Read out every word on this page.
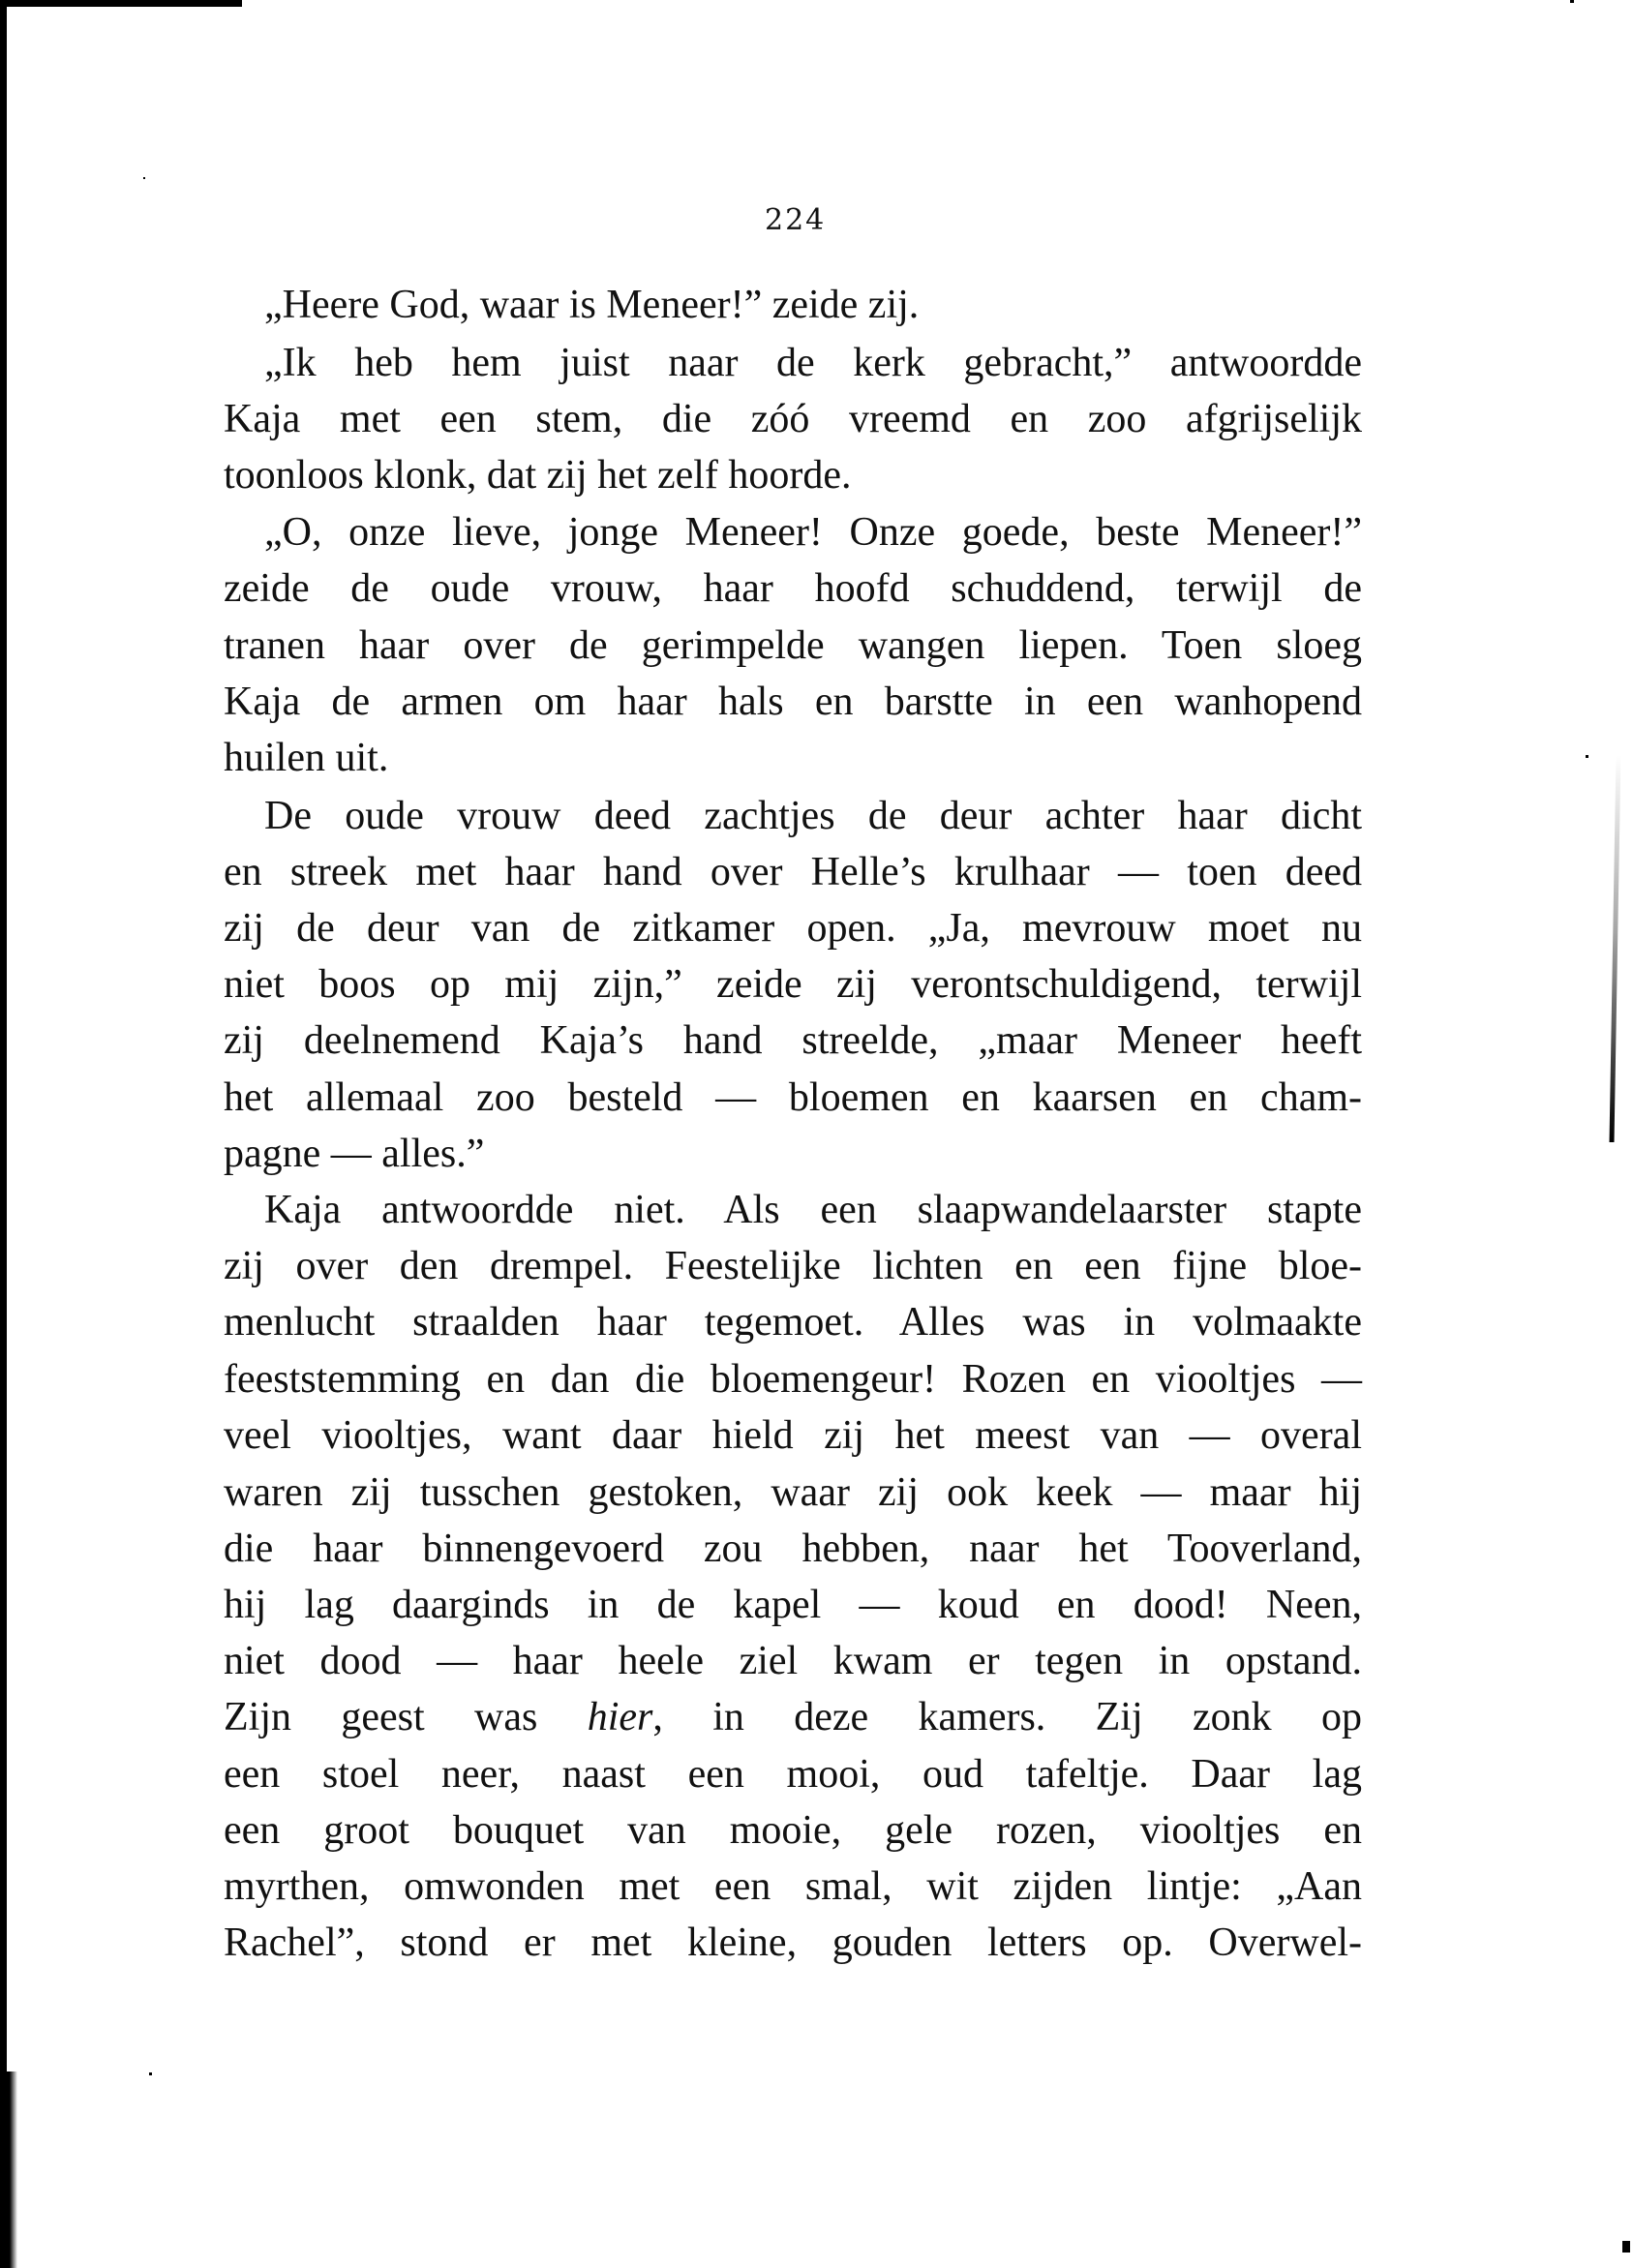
224
„Heere God, waar is Meneer!” zeide zij.
„Ik heb hem juist naar de kerk gebracht,” antwoordde
Kaja met een stem, die zóó vreemd en zoo afgrijselijk
toonloos klonk, dat zij het zelf hoorde.
„O, onze lieve, jonge Meneer! Onze goede, beste Meneer!”
zeide de oude vrouw, haar hoofd schuddend, terwijl de
tranen haar over de gerimpelde wangen liepen. Toen sloeg
Kaja de armen om haar hals en barstte in een wanhopend
huilen uit.
De oude vrouw deed zachtjes de deur achter haar dicht
en streek met haar hand over Helle’s krulhaar — toen deed
zij de deur van de zitkamer open. „Ja, mevrouw moet nu
niet boos op mij zijn,” zeide zij verontschuldigend, terwijl
zij deelnemend Kaja’s hand streelde, „maar Meneer heeft
het allemaal zoo besteld — bloemen en kaarsen en cham-
pagne — alles.”
Kaja antwoordde niet. Als een slaapwandelaarster stapte
zij over den drempel. Feestelijke lichten en een fijne bloe-
menlucht straalden haar tegemoet. Alles was in volmaakte
feeststemming en dan die bloemengeur! Rozen en viooltjes —
veel viooltjes, want daar hield zij het meest van — overal
waren zij tusschen gestoken, waar zij ook keek — maar hij
die haar binnengevoerd zou hebben, naar het Tooverland,
hij lag daarginds in de kapel — koud en dood! Neen,
niet dood — haar heele ziel kwam er tegen in opstand.
Zijn geest was hier, in deze kamers. Zij zonk op
een stoel neer, naast een mooi, oud tafeltje. Daar lag
een groot bouquet van mooie, gele rozen, viooltjes en
myrthen, omwonden met een smal, wit zijden lintje: „Aan
Rachel”, stond er met kleine, gouden letters op. Overwel-
